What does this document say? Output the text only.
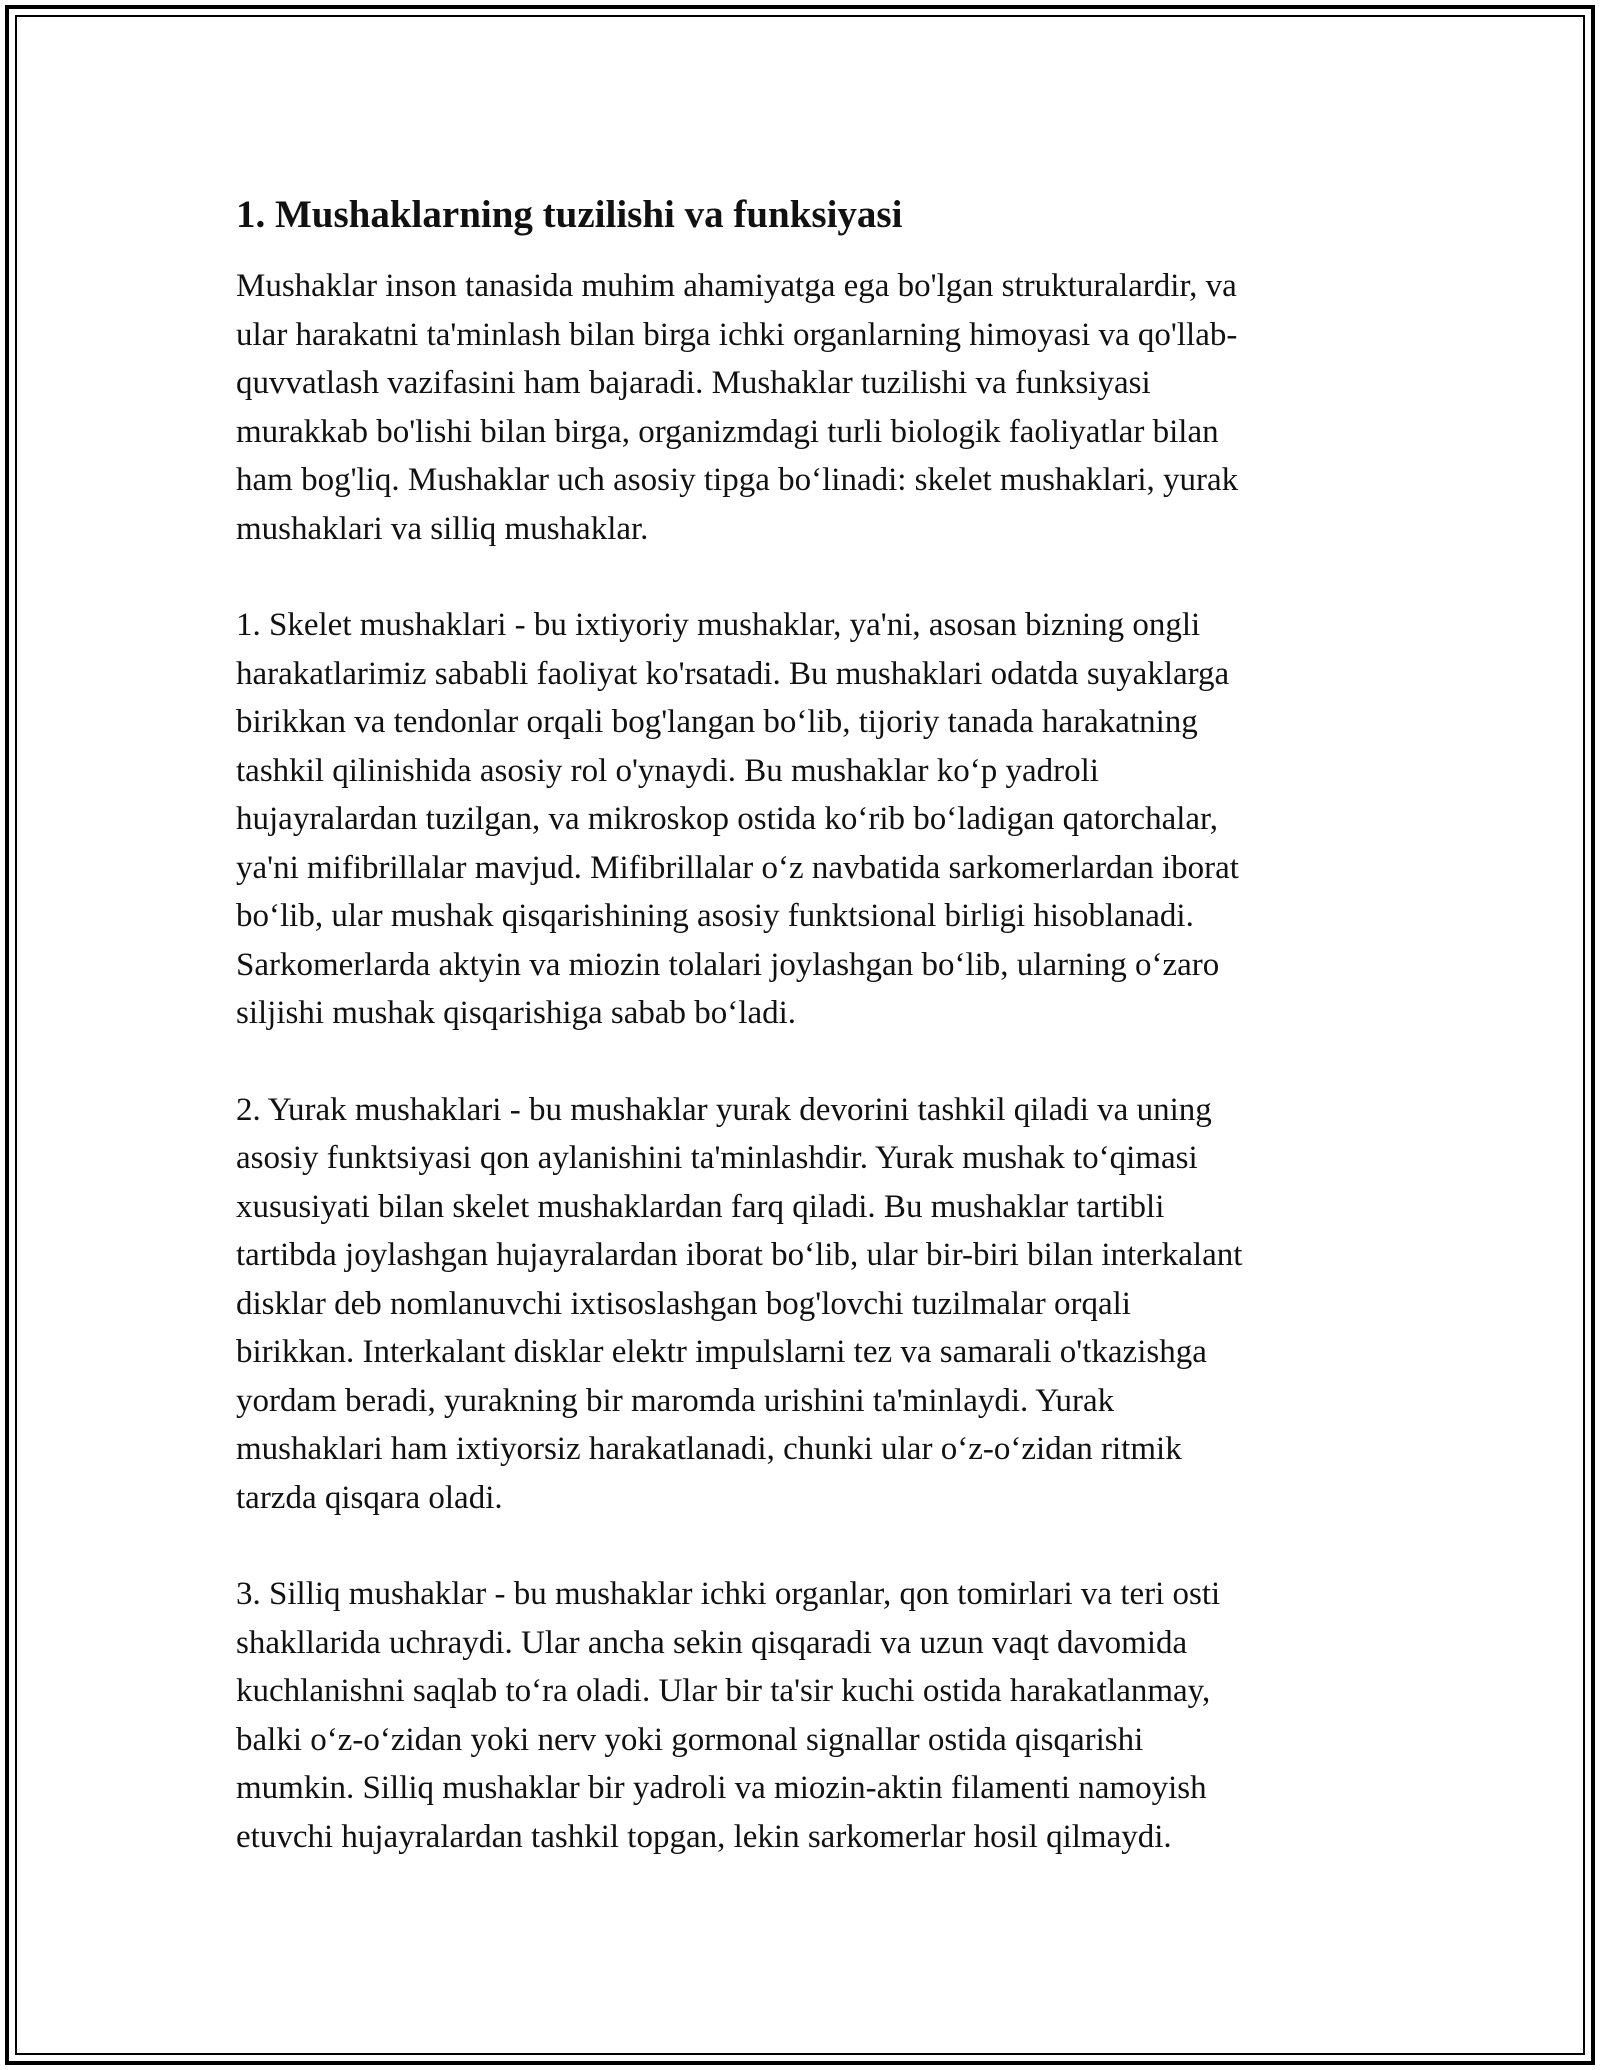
1. Mushaklarning tuzilishi va funksiyasi

Mushaklar inson tanasida muhim ahamiyatga ega bo'lgan strukturalardir, va
ular harakatni ta'minlash bilan birga ichki organlarning himoyasi va qo'llab-
quvvatlash vazifasini ham bajaradi. Mushaklar tuzilishi va funksiyasi
murakkab bo'lishi bilan birga, organizmdagi turli biologik faoliyatlar bilan
ham bog'liq. Mushaklar uch asosiy tipga boʻlinadi: skelet mushaklari, yurak
mushaklari va silliq mushaklar.

1. Skelet mushaklari - bu ixtiyoriy mushaklar, ya'ni, asosan bizning ongli
harakatlarimiz sababli faoliyat ko'rsatadi. Bu mushaklari odatda suyaklarga
birikkan va tendonlar orqali bog'langan boʻlib, tijoriy tanada harakatning
tashkil qilinishida asosiy rol o'ynaydi. Bu mushaklar koʻp yadroli
hujayralardan tuzilgan, va mikroskop ostida koʻrib boʻladigan qatorchalar,
ya'ni mifibrillalar mavjud. Mifibrillalar oʻz navbatida sarkomerlardan iborat
boʻlib, ular mushak qisqarishining asosiy funktsional birligi hisoblanadi.
Sarkomerlarda aktyin va miozin tolalari joylashgan boʻlib, ularning oʻzaro
siljishi mushak qisqarishiga sabab boʻladi.

2. Yurak mushaklari - bu mushaklar yurak devorini tashkil qiladi va uning
asosiy funktsiyasi qon aylanishini ta'minlashdir. Yurak mushak toʻqimasi
xususiyati bilan skelet mushaklardan farq qiladi. Bu mushaklar tartibli
tartibda joylashgan hujayralardan iborat boʻlib, ular bir-biri bilan interkalant
disklar deb nomlanuvchi ixtisoslashgan bog'lovchi tuzilmalar orqali
birikkan. Interkalant disklar elektr impulslarni tez va samarali o'tkazishga
yordam beradi, yurakning bir maromda urishini ta'minlaydi. Yurak
mushaklari ham ixtiyorsiz harakatlanadi, chunki ular oʻz-oʻzidan ritmik
tarzda qisqara oladi.

3. Silliq mushaklar - bu mushaklar ichki organlar, qon tomirlari va teri osti
shakllarida uchraydi. Ular ancha sekin qisqaradi va uzun vaqt davomida
kuchlanishni saqlab toʻra oladi. Ular bir ta'sir kuchi ostida harakatlanmay,
balki oʻz-oʻzidan yoki nerv yoki gormonal signallar ostida qisqarishi
mumkin. Silliq mushaklar bir yadroli va miozin-aktin filamenti namoyish
etuvchi hujayralardan tashkil topgan, lekin sarkomerlar hosil qilmaydi.
